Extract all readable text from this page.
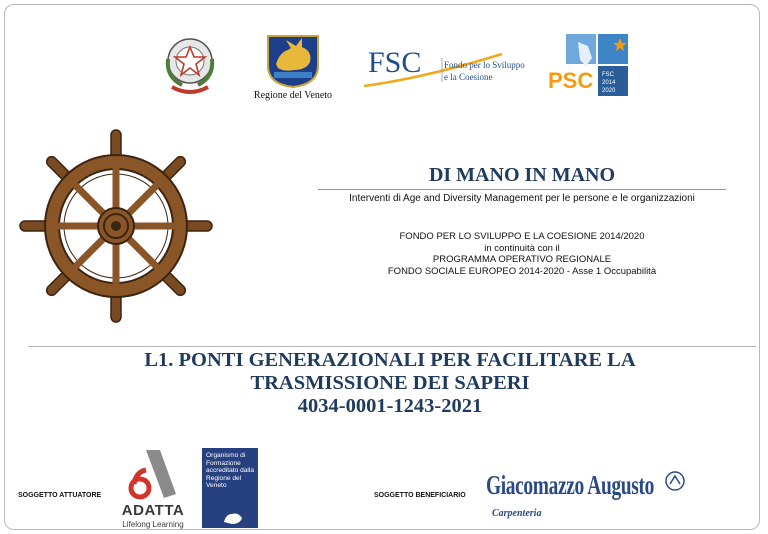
Regione del Veneto
FSC	Fondo per lo Sviluppo
e la Coesione	PSC FSC
2014
2020
DI MANO IN MANO
Interventi di Age and Diversity Management per le persone e le organizzazioni
FONDO PER LO SVILUPPO E LA COESIONE 2014/2020
in continuità con il
PROGRAMMA OPERATIVO REGIONALE
FONDO SOCIALE EUROPEO 2014-2020 - Asse 1 Occupabilità
L1. PONTI GENERAZIONALI PER FACILITARE LA
TRASMISSIONE DEI SAPERI
4034-0001-1243-2021
SOGGETTO ATTUATORE
ADATTA
Lifelong Learning
Organismo di Formazione accreditato dalla Regione del Veneto
SOGGETTO BENEFICIARIO Giacomazzo Augusto
Carpenteria
